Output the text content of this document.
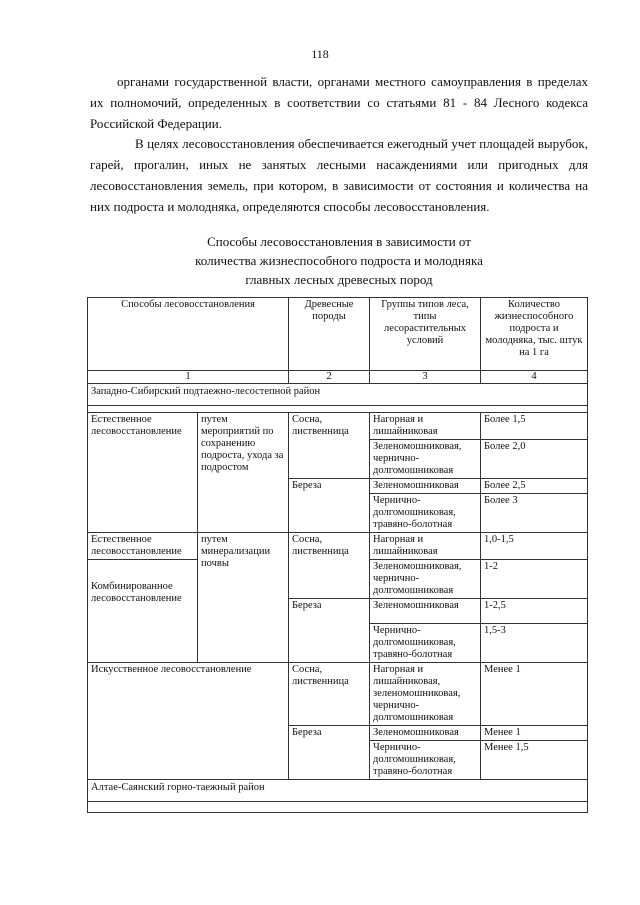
118

органами государственной власти, органами местного самоуправления в пределах их полномочий, определенных в соответствии со статьями 81 - 84 Лесного кодекса Российской Федерации.

В целях лесовосстановления обеспечивается ежегодный учет площадей вырубок, гарей, прогалин, иных не занятых лесными насаждениями или пригодных для лесовосстановления земель, при котором, в зависимости от состояния и количества на них подроста и молодняка, определяются способы лесовосстановления.

Способы лесовосстановления в зависимости от
количества жизнеспособного подроста и молодняка
главных лесных древесных пород
Способы лесовосстановления		Древесные породы	Группы типов леса, типы лесорастительных условий	Количество жизнеспособного подроста и молодняка, тыс. штук на 1 га
1		2	3	4
Западно-Сибирский подтаежно-лесостепной район				

Естественное лесовосстановление	путем мероприятий по сохранению подроста, ухода за подростом	Сосна, лиственница	Нагорная и лишайниковая	Более 1,5
			Зеленомошниковая, чернично-долгомошниковая	Более 2,0
		Береза	Зеленомошниковая	Более 2,5
			Чернично-долгомошниковая, травяно-болотная	Более 3
Естественное лесовосстановление	путем минерализации почвы	Сосна, лиственница	Нагорная и лишайниковая	1,0-1,5

Комбинированное лесовосстановление			Зеленомошниковая, чернично-долгомошниковая	1-2
		Береза	Зеленомошниковая	1-2,5
			Чернично-долгомошниковая, травяно-болотная	1,5-3
Искусственное лесовосстановление		Сосна, лиственница	Нагорная и лишайниковая, зеленомошниковая, чернично-долгомошниковая	Менее 1
		Береза	Зеленомошниковая	Менее 1
			Чернично-долгомошниковая, травяно-болотная	Менее 1,5
Алтае-Саянский горно-таежный район				
